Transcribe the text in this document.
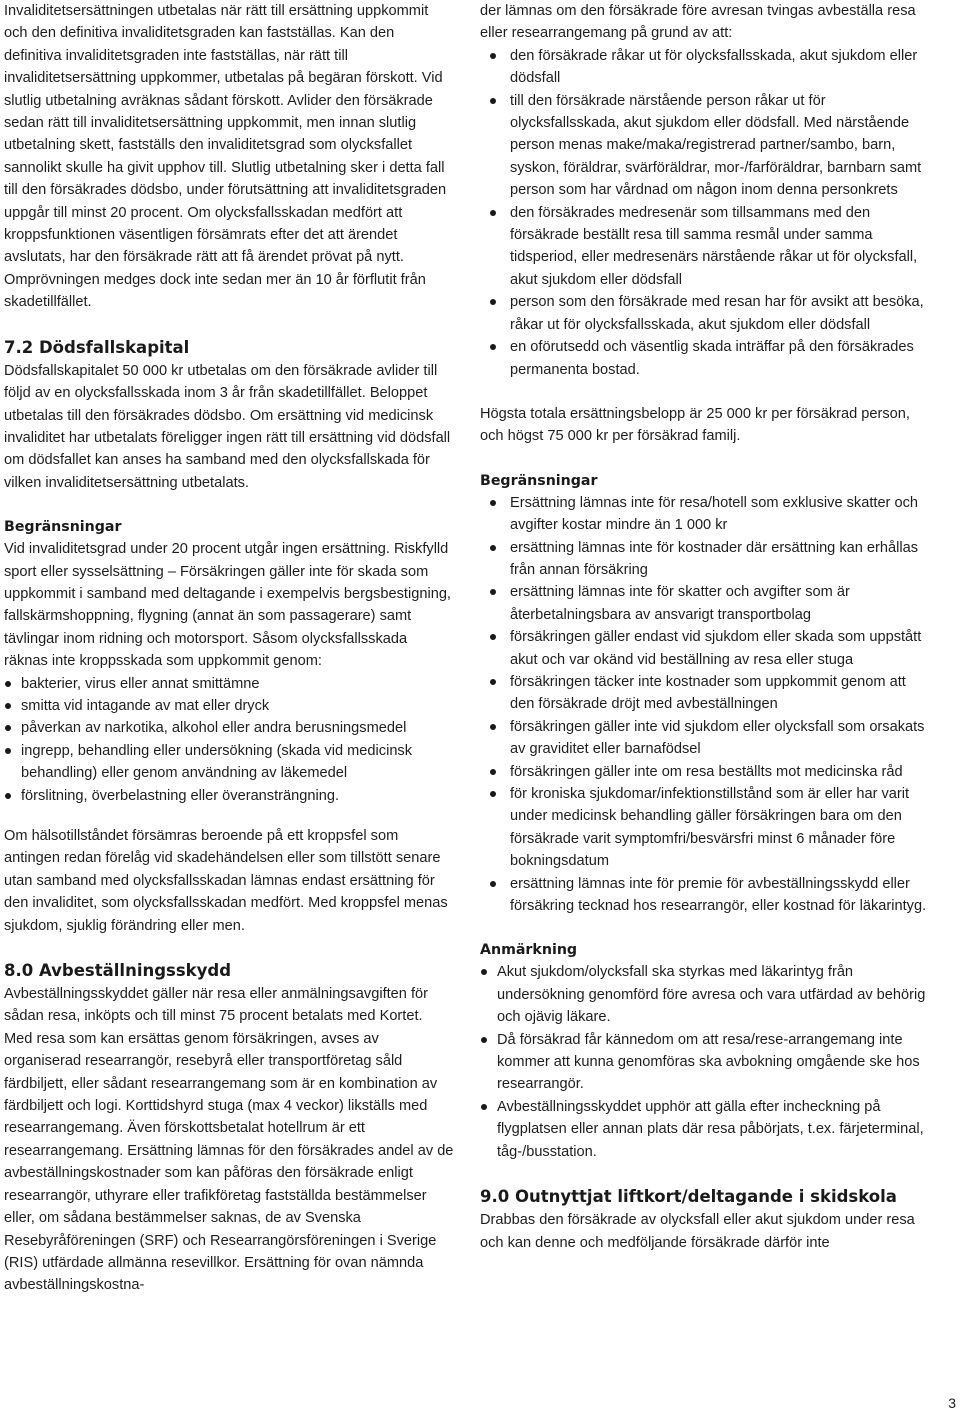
Invaliditetsersättningen utbetalas när rätt till ersättning uppkommit och den definitiva invaliditetsgraden kan fastställas. Kan den definitiva invaliditetsgraden inte fastställas, när rätt till invaliditetsersättning uppkommer, utbetalas på begäran förskott. Vid slutlig utbetalning avräknas sådant förskott. Avlider den försäkrade sedan rätt till invaliditetsersättning uppkommit, men innan slutlig utbetalning skett, fastställs den invaliditetsgrad som olycksfallet sannolikt skulle ha givit upphov till. Slutlig utbetalning sker i detta fall till den försäkrades dödsbo, under förutsättning att invaliditetsgraden uppgår till minst 20 procent. Om olycksfallsskadan medfört att kroppsfunktionen väsentligen försämrats efter det att ärendet avslutats, har den försäkrade rätt att få ärendet prövat på nytt. Omprövningen medges dock inte sedan mer än 10 år förflutit från skadetillfället.

7.2 Dödsfallskapital

Dödsfallskapitalet 50 000 kr utbetalas om den försäkrade avlider till följd av en olycksfallsskada inom 3 år från skadetillfället. Beloppet utbetalas till den försäkrades dödsbo. Om ersättning vid medicinsk invaliditet har utbetalats föreligger ingen rätt till ersättning vid dödsfall om dödsfallet kan anses ha samband med den olycksfallskada för vilken invaliditetsersättning utbetalats.

Begränsningar

Vid invaliditetsgrad under 20 procent utgår ingen ersättning. Riskfylld sport eller sysselsättning – Försäkringen gäller inte för skada som uppkommit i samband med deltagande i exempelvis bergsbestigning, fallskärmshoppning, flygning (annat än som passagerare) samt tävlingar inom ridning och motorsport. Såsom olycksfallsskada räknas inte kroppsskada som uppkommit genom:

bakterier, virus eller annat smittämne
smitta vid intagande av mat eller dryck
påverkan av narkotika, alkohol eller andra berusningsmedel
ingrepp, behandling eller undersökning (skada vid medicinsk behandling) eller genom användning av läkemedel
förslitning, överbelastning eller överansträngning.

Om hälsotillståndet försämras beroende på ett kroppsfel som antingen redan förelåg vid skadehändelsen eller som tillstött senare utan samband med olycksfallsskadan lämnas endast ersättning för den invaliditet, som olycksfallsskadan medfört. Med kroppsfel menas sjukdom, sjuklig förändring eller men.

8.0 Avbeställningsskydd

Avbeställningsskyddet gäller när resa eller anmälningsavgiften för sådan resa, inköpts och till minst 75 procent betalats med Kortet. Med resa som kan ersättas genom försäkringen, avses av organiserad researrangör, resebyrå eller transportföretag såld färdbiljett, eller sådant researrangemang som är en kombination av färdbiljett och logi. Korttidshyrd stuga (max 4 veckor) likställs med researrangemang. Även förskottsbetalat hotellrum är ett researrangemang. Ersättning lämnas för den försäkrades andel av de avbeställningskostnader som kan påföras den försäkrade enligt researrangör, uthyrare eller trafikföretag fastställda bestämmelser eller, om sådana bestämmelser saknas, de av Svenska Resebyråföreningen (SRF) och Researrangörsföreningen i Sverige (RIS) utfärdade allmänna resevillkor. Ersättning för ovan nämnda avbeställningskostna-

der lämnas om den försäkrade före avresan tvingas avbeställa resa eller researrangemang på grund av att:

den försäkrade råkar ut för olycksfallsskada, akut sjukdom eller dödsfall
till den försäkrade närstående person råkar ut för olycksfallsskada, akut sjukdom eller dödsfall. Med närstående person menas make/maka/registrerad partner/sambo, barn, syskon, föräldrar, svärföräldrar, mor-/farföräldrar, barnbarn samt person som har vårdnad om någon inom denna personkrets
den försäkrades medresenär som tillsammans med den försäkrade beställt resa till samma resmål under samma tidsperiod, eller medresenärs närstående råkar ut för olycksfall, akut sjukdom eller dödsfall
person som den försäkrade med resan har för avsikt att besöka, råkar ut för olycksfallsskada, akut sjukdom eller dödsfall
en oförutsedd och väsentlig skada inträffar på den försäkrades permanenta bostad.

Högsta totala ersättningsbelopp är 25 000 kr per försäkrad person, och högst 75 000 kr per försäkrad familj.

Begränsningar
Ersättning lämnas inte för resa/hotell som exklusive skatter och avgifter kostar mindre än 1 000 kr
ersättning lämnas inte för kostnader där ersättning kan erhållas från annan försäkring
ersättning lämnas inte för skatter och avgifter som är återbetalningsbara av ansvarigt transportbolag
försäkringen gäller endast vid sjukdom eller skada som uppstått akut och var okänd vid beställning av resa eller stuga
försäkringen täcker inte kostnader som uppkommit genom att den försäkrade dröjt med avbeställningen
försäkringen gäller inte vid sjukdom eller olycksfall som orsakats av graviditet eller barnafödsel
försäkringen gäller inte om resa beställts mot medicinska råd
för kroniska sjukdomar/infektionstillstånd som är eller har varit under medicinsk behandling gäller försäkringen bara om den försäkrade varit symptomfri/besvärsfri minst 6 månader före bokningsdatum
ersättning lämnas inte för premie för avbeställningsskydd eller försäkring tecknad hos researrangör, eller kostnad för läkarintyg.
Anmärkning
Akut sjukdom/olycksfall ska styrkas med läkarintyg från undersökning genomförd före avresa och vara utfärdad av behörig och ojävig läkare.
Då försäkrad får kännedom om att resa/rese-arrangemang inte kommer att kunna genomföras ska avbokning omgående ske hos researrangör.
Avbeställningsskyddet upphör att gälla efter incheckning på flygplatsen eller annan plats där resa påbörjats, t.ex. färjeterminal, tåg-/busstation.
9.0 Outnyttjat liftkort/deltagande i skidskola

Drabbas den försäkrade av olycksfall eller akut sjukdom under resa och kan denne och medföljande försäkrade därför inte

3
